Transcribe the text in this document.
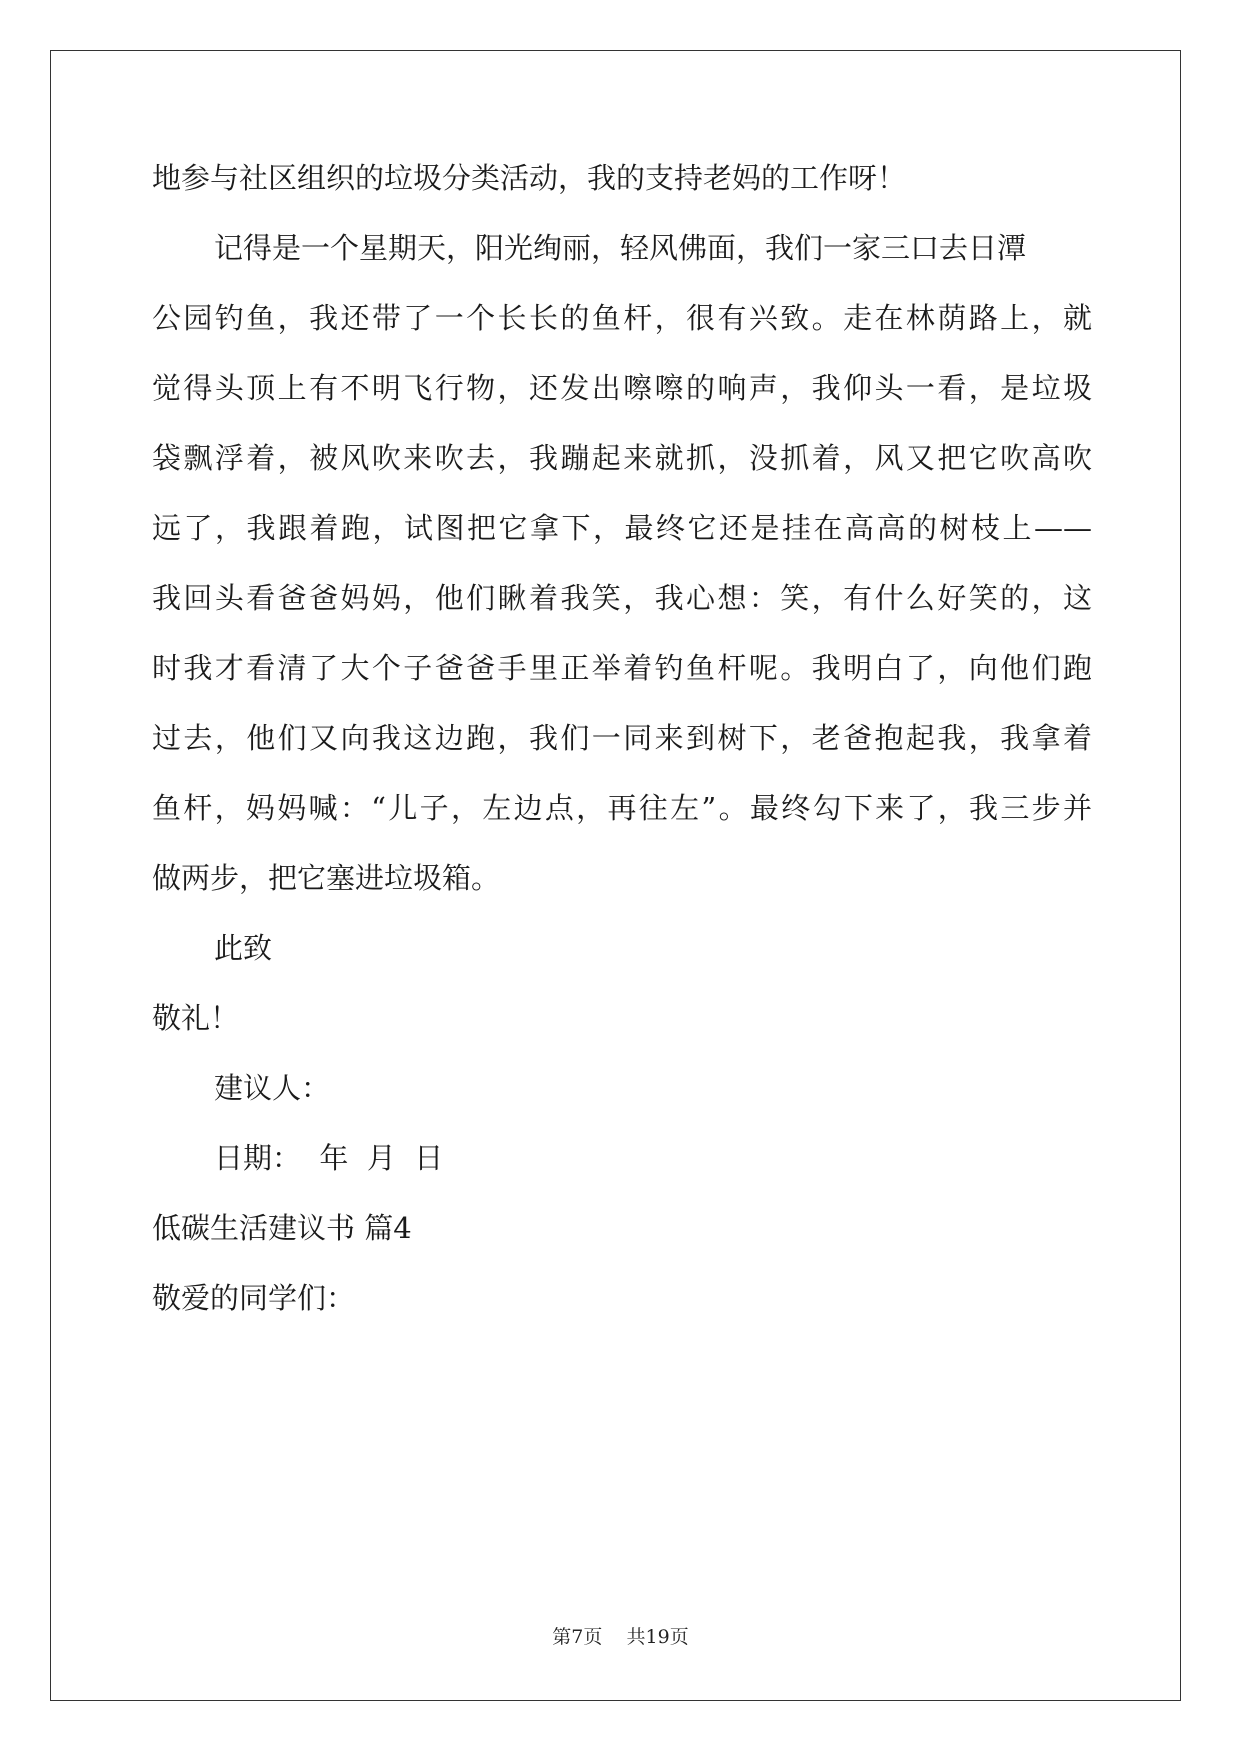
地参与社区组织的垃圾分类活动，我的支持老妈的工作呀！
记得是一个星期天，阳光绚丽，轻风佛面，我们一家三口去日潭
公园钓鱼，我还带了一个长长的鱼杆，很有兴致。走在林荫路上，就
觉得头顶上有不明飞行物，还发出嚓嚓的响声，我仰头一看，是垃圾
袋飘浮着，被风吹来吹去，我蹦起来就抓，没抓着，风又把它吹高吹
远了，我跟着跑，试图把它拿下，最终它还是挂在高高的树枝上——
我回头看爸爸妈妈，他们瞅着我笑，我心想：笑，有什么好笑的，这
时我才看清了大个子爸爸手里正举着钓鱼杆呢。我明白了，向他们跑
过去，他们又向我这边跑，我们一同来到树下，老爸抱起我，我拿着
鱼杆，妈妈喊：“儿子，左边点，再往左”。最终勾下来了，我三步并
做两步，把它塞进垃圾箱。
此致
敬礼！
建议人：
日期：  年  月  日
低碳生活建议书 篇4
敬爱的同学们：
第7页    共19页
